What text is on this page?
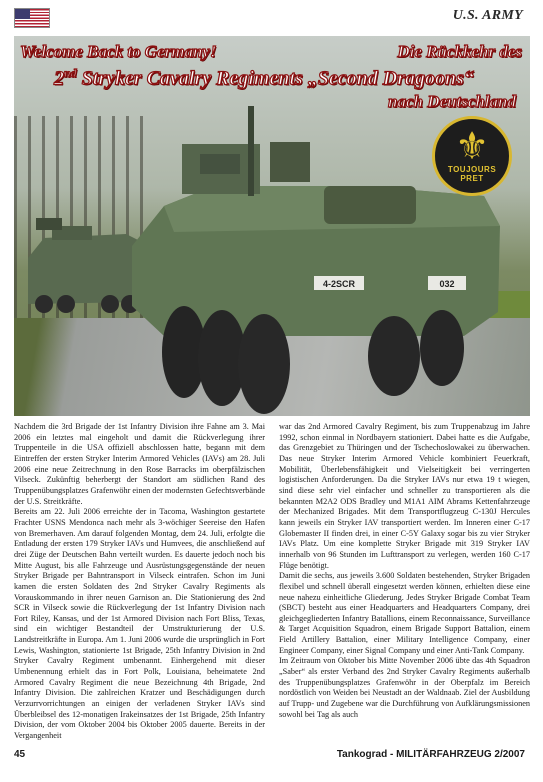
U.S. ARMY
4-2SCR	032
Welcome Back to Germany!	Die Rückkehr des
2nd Stryker Cavalry Regiments „Second Dragoons“
nach Deutschland
⚜
TOUJOURS PRET

Nachdem die 3rd Brigade der 1st Infantry Division ihre Fahne am 3. Mai 2006 ein letztes mal eingeholt und damit die Rückverlegung ihrer Truppenteile in die USA offiziell abschlossen hatte, begann mit dem Eintreffen der ersten Stryker Interim Armored Vehicles (IAVs) am 28. Juli 2006 eine neue Zeitrechnung in den Rose Barracks im oberpfälzischen Vilseck. Zukünftig beherbergt der Standort am südlichen Rand des Truppenübungsplatzes Grafenwöhr einen der modernsten Gefechtsverbände der U.S. Streitkräfte.

Bereits am 22. Juli 2006 erreichte der in Tacoma, Washington gestartete Frachter USNS Mendonca nach mehr als 3-wöchiger Seereise den Hafen von Bremerhaven. Am darauf folgenden Montag, dem 24. Juli, erfolgte die Entladung der ersten 179 Stryker IAVs und Humvees, die anschließend auf drei Züge der Deutschen Bahn verteilt wurden. Es dauerte jedoch noch bis Mitte August, bis alle Fahrzeuge und Ausrüstungsgegenstände der neuen Stryker Brigade per Bahntransport in Vilseck eintrafen. Schon im Juni kamen die ersten Soldaten des 2nd Stryker Cavalry Regiments als Vorauskommando in ihrer neuen Garnison an. Die Stationierung des 2nd SCR in Vilseck sowie die Rückverlegung der 1st Infantry Division nach Fort Riley, Kansas, und der 1st Armored Division nach Fort Bliss, Texas, sind ein wichtiger Bestandteil der Umstrukturierung der U.S. Landstreitkräfte in Europa. Am 1. Juni 2006 wurde die ursprünglich in Fort Lewis, Washington, stationierte 1st Brigade, 25th Infantry Division in 2nd Stryker Cavalry Regiment umbenannt. Einhergehend mit dieser Umbenennung erhielt das in Fort Polk, Louisiana, beheimatete 2nd Armored Cavalry Regiment die neue Bezeichnung 4th Brigade, 2nd Infantry Division. Die zahlreichen Kratzer und Beschädigungen durch Verzurrvorrichtungen an einigen der verladenen Stryker IAVs sind Überbleibsel des 12-monatigen Irakeinsatzes der 1st Brigade, 25th Infantry Division, der vom Oktober 2004 bis Oktober 2005 dauerte. Bereits in der Vergangenheit

war das 2nd Armored Cavalry Regiment, bis zum Truppenabzug im Jahre 1992, schon einmal in Nordbayern stationiert. Dabei hatte es die Aufgabe, das Grenzgebiet zu Thüringen und der Tschechoslowakei zu überwachen. Das neue Stryker Interim Armored Vehicle kombiniert Feuerkraft, Mobilität, Überlebensfähigkeit und Vielseitigkeit bei verringerten logistischen Anforderungen. Da die Stryker IAVs nur etwa 19 t wiegen, sind diese sehr viel einfacher und schneller zu transportieren als die bekannten M2A2 ODS Bradley und M1A1 AIM Abrams Kettenfahrzeuge der Mechanized Brigades. Mit dem Transportflugzeug C-130J Hercules kann jeweils ein Stryker IAV transportiert werden. Im Inneren einer C-17 Globemaster II finden drei, in einer C-5Y Galaxy sogar bis zu vier Stryker IAVs Platz. Um eine komplette Stryker Brigade mit 319 Stryker IAV innerhalb von 96 Stunden im Lufttransport zu verlegen, werden 160 C-17 Flüge benötigt.

Damit die sechs, aus jeweils 3.600 Soldaten bestehenden, Stryker Brigaden flexibel und schnell überall eingesetzt werden können, erhielten diese eine neue nahezu einheitliche Gliederung. Jedes Stryker Brigade Combat Team (SBCT) besteht aus einer Headquarters and Headquarters Company, drei gleichgegliederten Infantry Batallions, einem Reconnaissance, Surveillance & Target Acquisition Squadron, einem Brigade Support Battalion, einem Field Artillery Battalion, einer Military Intelligence Company, einer Engineer Company, einer Signal Company und einer Anti-Tank Company.

Im Zeitraum von Oktober bis Mitte November 2006 übte das 4th Squadron „Saber“ als erster Verband des 2nd Stryker Cavalry Regiments außerhalb des Truppenübungsplatzes Grafenwöhr in der Oberpfalz im Bereich nordöstlich von Weiden bei Neustadt an der Waldnaab. Ziel der Ausbildung auf Trupp- und Zugebene war die Durchführung von Aufklärungsmissionen sowohl bei Tag als auch

45	Tankograd - MILITÄRFAHRZEUG 2/2007
